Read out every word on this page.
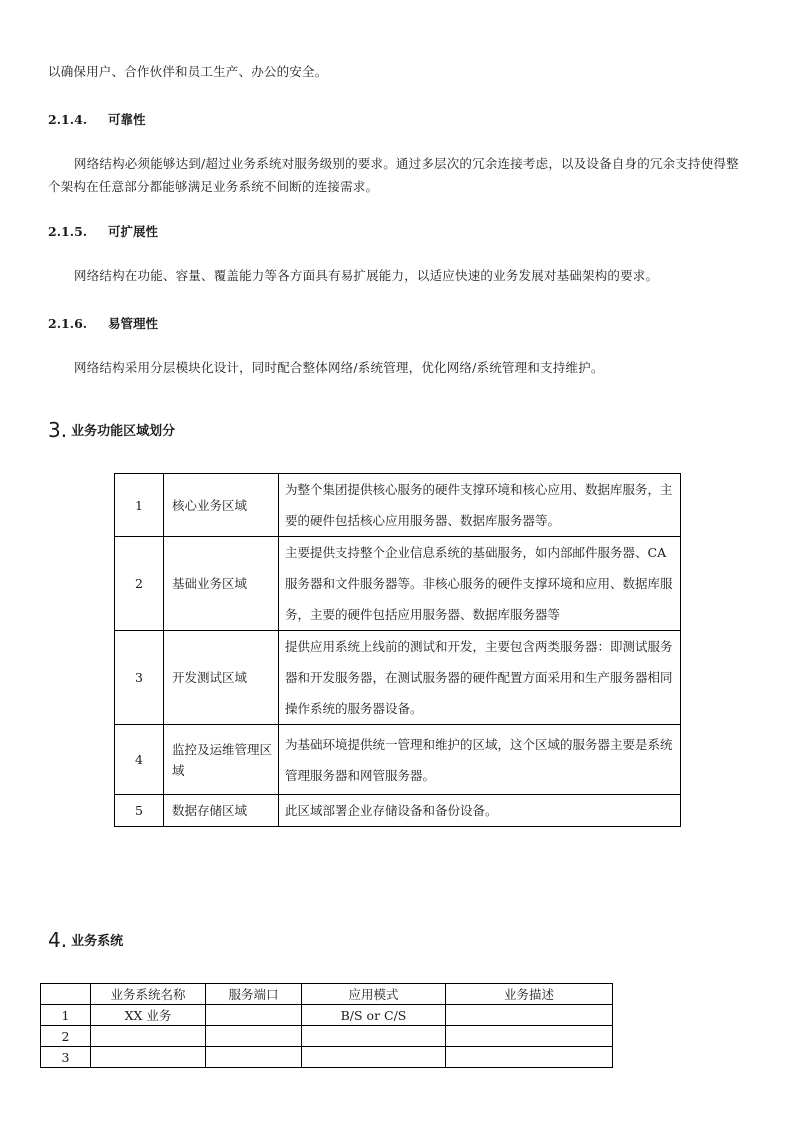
以确保用户、合作伙伴和员工生产、办公的安全。
2.1.4. 可靠性
网络结构必须能够达到/超过业务系统对服务级别的要求。通过多层次的冗余连接考虑，以及设备自身的冗余支持使得整个架构在任意部分都能够满足业务系统不间断的连接需求。
2.1.5. 可扩展性
网络结构在功能、容量、覆盖能力等各方面具有易扩展能力，以适应快速的业务发展对基础架构的要求。
2.1.6. 易管理性
网络结构采用分层模块化设计，同时配合整体网络/系统管理，优化网络/系统管理和支持维护。
3. 业务功能区域划分
1	核心业务区域	为整个集团提供核心服务的硬件支撑环境和核心应用、数据库服务，主要的硬件包括核心应用服务器、数据库服务器等。
2	基础业务区域	主要提供支持整个企业信息系统的基础服务，如内部邮件服务器、CA 服务器和文件服务器等。非核心服务的硬件支撑环境和应用、数据库服务，主要的硬件包括应用服务器、数据库服务器等
3	开发测试区域	提供应用系统上线前的测试和开发，主要包含两类服务器：即测试服务器和开发服务器，在测试服务器的硬件配置方面采用和生产服务器相同操作系统的服务器设备。
4	监控及运维管理区域	为基础环境提供统一管理和维护的区域，这个区域的服务器主要是系统管理服务器和网管服务器。
5	数据存储区域	此区域部署企业存储设备和备份设备。
4. 业务系统
	业务系统名称	服务端口	应用模式	业务描述
1	XX 业务		B/S or C/S	
2				
3				
